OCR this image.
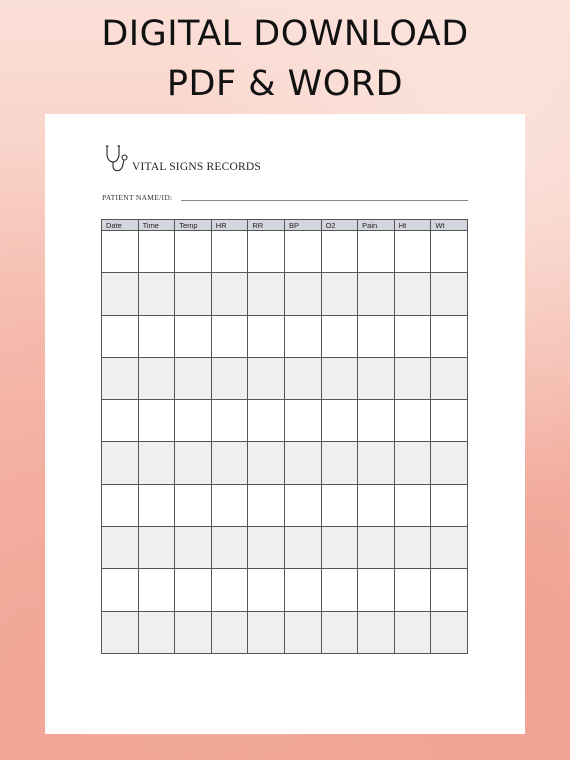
DIGITAL DOWNLOAD
PDF & WORD
VITAL SIGNS RECORDS
PATIENT NAME/ID:
Date	Time	Temp	HR	RR	BP	O2	Pain	Ht	Wt
